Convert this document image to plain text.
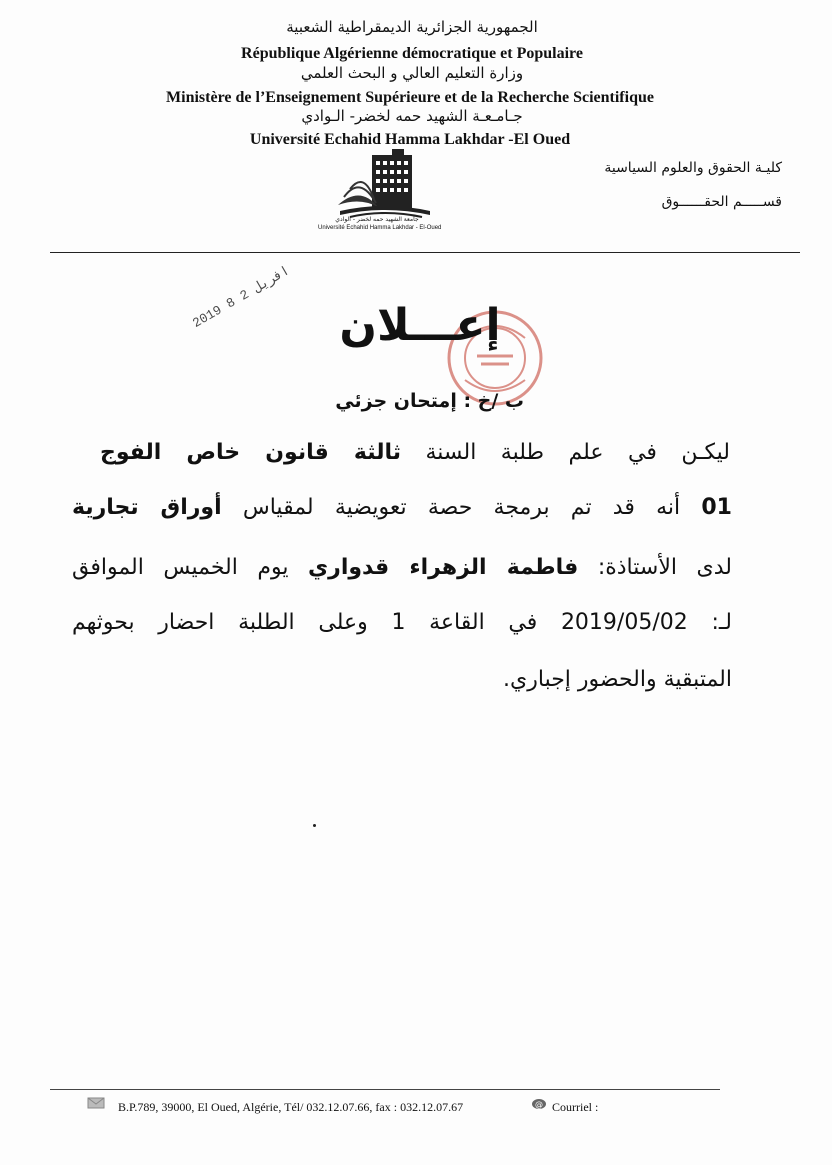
الجمهورية الجزائرية الديمقراطية الشعبية
République Algérienne démocratique et Populaire
وزارة التعليم العالي و البحث العلمي
Ministère de l’Enseignement Supérieure et de la Recherche Scientifique
جـامـعـة الشهيد حمه لخضر- الـوادي
Université Echahid Hamma Lakhdar -El Oued
كليـة الحقوق والعلوم السياسية
قســـــم الحقــــــوق
جامعة الشهيد حمه لخضر - الوادي
Université Echahid Hamma Lakhdar - El-Oued
إعـــلان
2019 افريل 2 8
ب /خ : إمتحان جزئي
ليكـن في علم طلبة السنة ثالثة قانون خاص الفوج
01 أنه قد تم برمجة حصة تعويضية لمقياس أوراق تجارية
لدى الأستاذة: فاطمة الزهراء قدواري يوم الخميس الموافق
لـ: 2019/05/02 في القاعة 1 وعلى الطلبة احضار بحوثهم
المتبقية والحضور إجباري.
B.P.789, 39000, El Oued, Algérie, Tél/ 032.12.07.66, fax : 032.12.07.67	@ Courriel :
